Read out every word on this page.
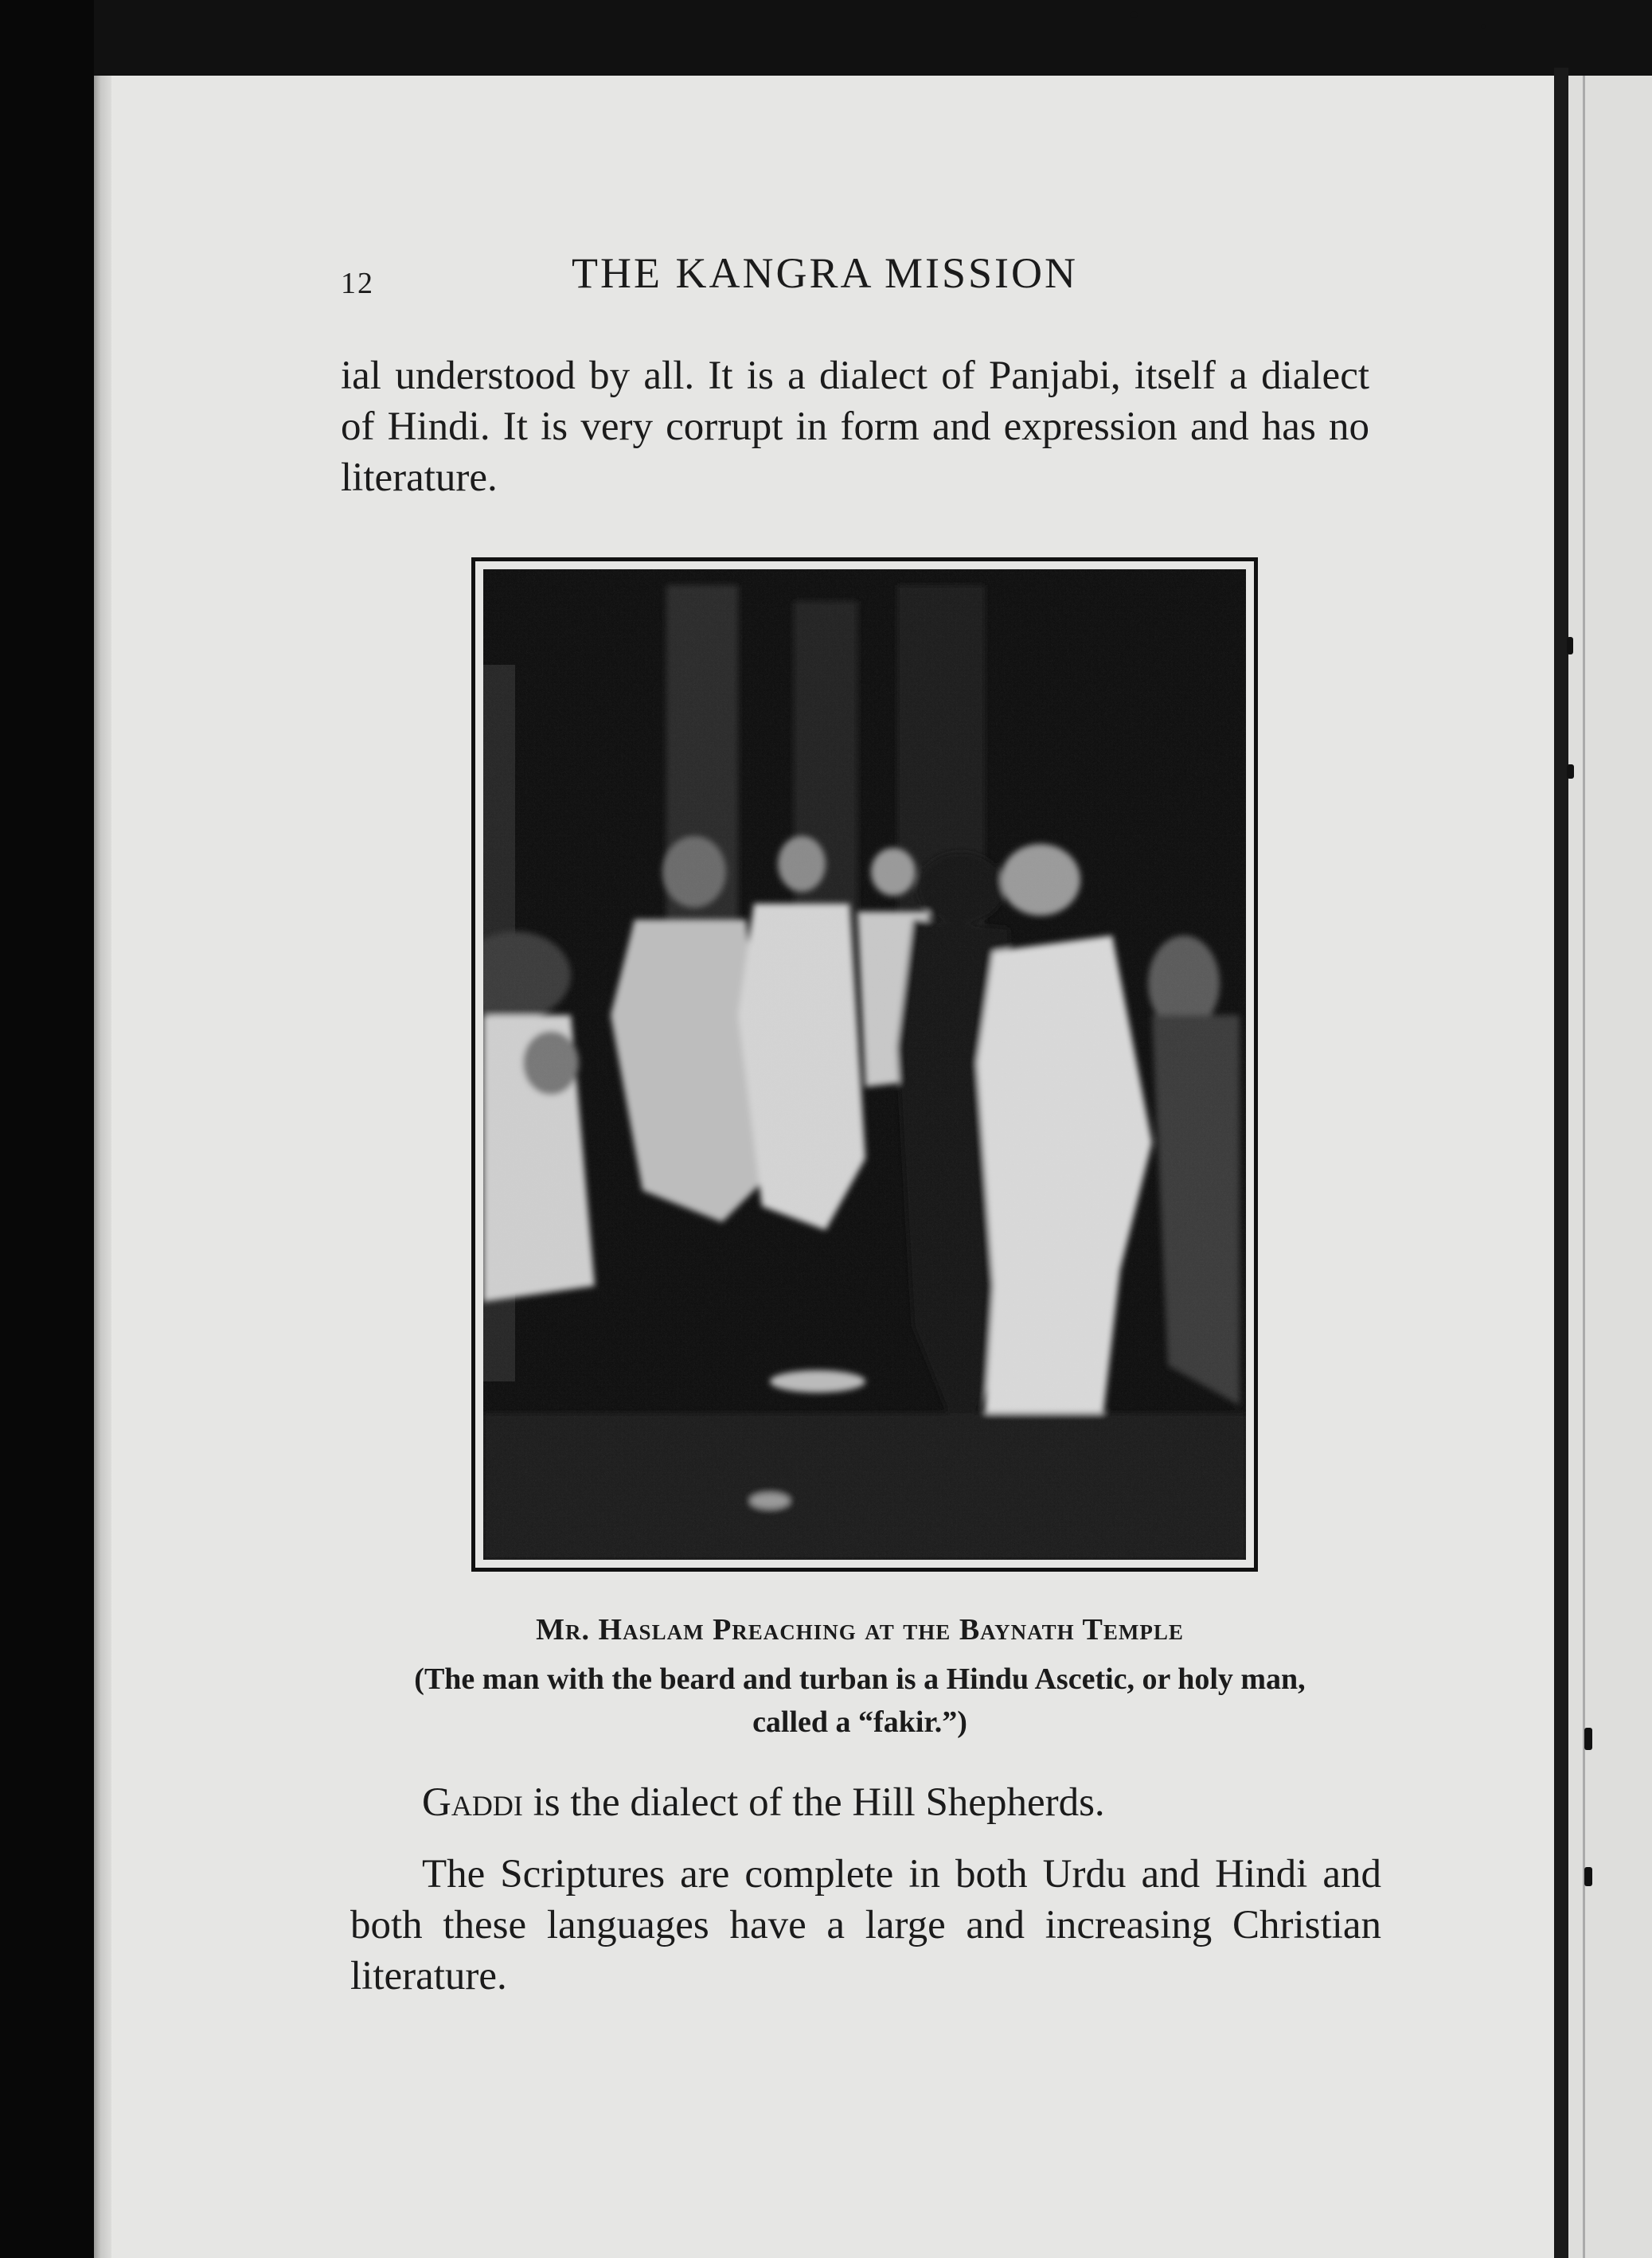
12	THE KANGRA MISSION

ial understood by all. It is a dialect of Panjabi, itself a dialect of Hindi. It is very corrupt in form and expression and has no literature.

Mr. Haslam Preaching at the Baynath Temple
(The man with the beard and turban is a Hindu Ascetic, or holy man, called a “fakir.”)

Gaddi is the dialect of the Hill Shepherds.

The Scriptures are complete in both Urdu and Hindi and both these languages have a large and increasing Christian literature.
